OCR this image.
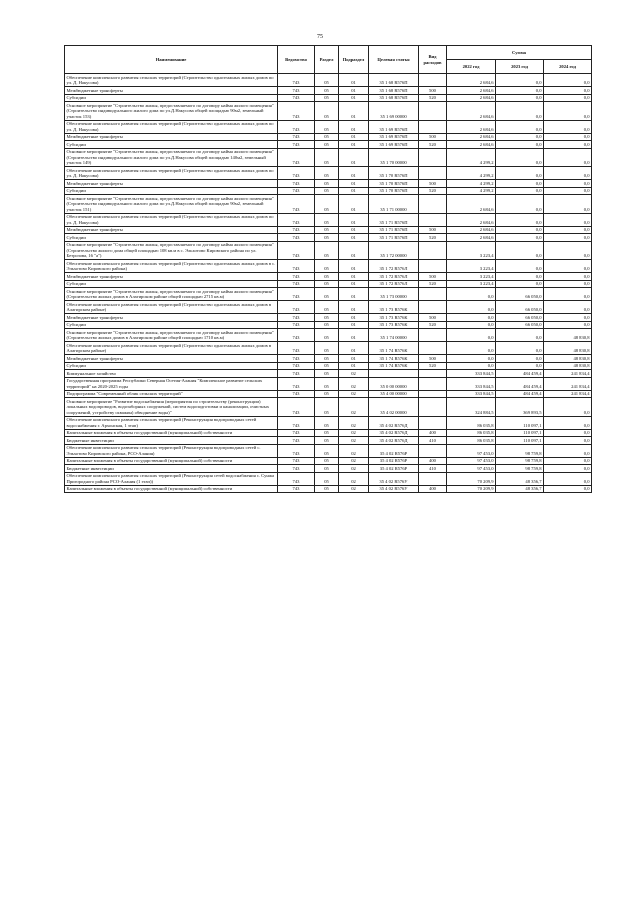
75
Наименование	Ведомство	Раздел	Подраздел	Целевая статья	Вид расходов	Сумма		
						2022 год	2023 год	2024 год
Обеспечение комплексного развития сельских территорий (Строительство одноэтажных жилых домов по ул. Д. Накусова)	743	05	01	35 1 68 R576П		2 684,6	0,0	0,0
Межбюджетные трансферты	743	05	01	35 1 68 R576П	500	2 684,6	0,0	0,0
Субсидии	743	05	01	35 1 68 R576П	520	2 684,6	0,0	0,0
Основное мероприятие "Строительство жилья, предоставляемого по договору найма жилого помещения" (Строительство индивидуального жилого дома по ул.Д.Накусова общей площадью 90м2, земельный участок 153)	743	05	01	35 1 69 00000		2 684,6	0,0	0,0
Обеспечение комплексного развития сельских территорий (Строительство одноэтажных жилых домов по ул. Д. Накусова)	743	05	01	35 1 69 R576П		2 684,6	0,0	0,0
Межбюджетные трансферты	743	05	01	35 1 69 R576П	500	2 684,6	0,0	0,0
Субсидии	743	05	01	35 1 69 R576П	520	2 684,6	0,0	0,0
Основное мероприятие "Строительство жилья, предоставляемого по договору найма жилого помещения" (Строительство индивидуального жилого дома по ул.Д.Накусова общей площадью 140м2, земельный участок 149)	743	05	01	35 1 70 00000		4 299,2	0,0	0,0
Обеспечение комплексного развития сельских территорий (Строительство одноэтажных жилых домов по ул. Д. Накусова)	743	05	01	35 1 70 R576П		4 299,2	0,0	0,0
Межбюджетные трансферты	743	05	01	35 1 70 R576П	500	4 299,2	0,0	0,0
Субсидии	743	05	01	35 1 70 R576П	520	4 299,2	0,0	0,0
Основное мероприятие "Строительство жилья, предоставляемого по договору найма жилого помещения" (Строительство индивидуального жилого дома по ул.Д.Накусова общей площадью 90м2, земельный участок 151)	743	05	01	35 1 71 00000		2 684,6	0,0	0,0
Обеспечение комплексного развития сельских территорий (Строительство одноэтажных жилых домов по ул. Д. Накусова)	743	05	01	35 1 71 R576П		2 684,6	0,0	0,0
Межбюджетные трансферты	743	05	01	35 1 71 R576П	500	2 684,6	0,0	0,0
Субсидии	743	05	01	35 1 71 R576П	520	2 684,6	0,0	0,0
Основное мероприятие "Строительство жилья, предоставляемого по договору найма жилого помещения" (Строительство жилого дома общей площадью 108 кв.м в с. Эльхотово Кировского района по ул. Бетрозова, 16 "а")	743	05	01	35 1 72 00000		3 223,4	0,0	0,0
Обеспечение комплексного развития сельских территорий (Строительство одноэтажных жилых домов в с. Эльхотово Кировского района)	743	05	01	35 1 72 R576Л		3 223,4	0,0	0,0
Межбюджетные трансферты	743	05	01	35 1 72 R576Л	500	3 223,4	0,0	0,0
Субсидии	743	05	01	35 1 72 R576Л	520	3 223,4	0,0	0,0
Основное мероприятие "Строительство жилья, предоставляемого по договору найма жилого помещения" (Строительство жилых домов в Алагирском районе общей площадью 2715 кв.м)	743	05	01	35 1 73 00000		0,0	66 050,0	0,0
Обеспечение комплексного развития сельских территорий (Строительство одноэтажных жилых домов в Алагирском районе)	743	05	01	35 1 73 R576К		0,0	66 050,0	0,0
Межбюджетные трансферты	743	05	01	35 1 73 R576К	500	0,0	66 050,0	0,0
Субсидии	743	05	01	35 1 73 R576К	520	0,0	66 050,0	0,0
Основное мероприятие "Строительство жилья, предоставляемого по договору найма жилого помещения" (Строительство жилых домов в Алагирском районе общей площадью 1710 кв.м)	743	05	01	35 1 74 00000		0,0	0,0	48 830,8
Обеспечение комплексного развития сельских территорий (Строительство одноэтажных жилых домов в Алагирском районе)	743	05	01	35 1 74 R576К		0,0	0,0	48 830,8
Межбюджетные трансферты	743	05	01	35 1 74 R576К	500	0,0	0,0	48 830,8
Субсидии	743	05	01	35 1 74 R576К	520	0,0	0,0	48 830,8
Коммунальное хозяйство	743	05	02			333 844,5	484 459,4	241 834,4
Государственная программа Республики Северная Осетия-Алания "Комплексное развитие сельских территорий" на 2020-2025 годы	743	05	02	35 0 00 00000		333 844,5	484 459,4	241 834,4
Подпрограмма "Современный облик сельских территорий"	743	05	02	35 4 00 00000		333 844,5	484 459,4	241 834,4
Основное мероприятие "Развитие водоснабжения (мероприятия по строительству (реконструкции) локальных водопроводов, водозаборных сооружений, систем водоподготовки и канализации, очистных сооружений, устройству скважин) обводнение воды)"	743	05	02	35 4 02 00000		324 884,5	369 893,5	0,0
Обеспечение комплексного развития сельских территорий (Реконструкция водопроводных сетей водоснабжения г. Архонская, 1 этап)	743	05	02	35 4 02 R576Д		86 035,8	110 097,1	0,0
Капитальные вложения в объекты государственной (муниципальной) собственности	743	05	02	35 4 02 R576Д	400	86 035,8	110 097,1	0,0
Бюджетные инвестиции	743	05	02	35 4 02 R576Д	410	86 035,8	110 097,1	0,0
Обеспечение комплексного развития сельских территорий (Реконструкция водопроводных сетей с. Эльхотово Кировского района, РСО-Алания)	743	05	02	35 4 02 R576Р		97 453,0	98 759,8	0,0
Капитальные вложения в объекты государственной (муниципальной) собственности	743	05	02	35 4 02 R576Р	400	97 453,0	98 759,8	0,0
Бюджетные инвестиции	743	05	02	35 4 02 R576Р	410	97 453,0	98 759,8	0,0
Обеспечение комплексного развития сельских территорий (Реконструкция сетей водоснабжения с. Сунжа Пригородного района РСО-Алания (1 этап))	743	05	02	35 4 02 R576У		70 209,9	48 356,7	0,0
Капитальные вложения в объекты государственной (муниципальной) собственности	743	05	02	35 4 02 R576У	400	70 209,9	48 356,7	0,0
